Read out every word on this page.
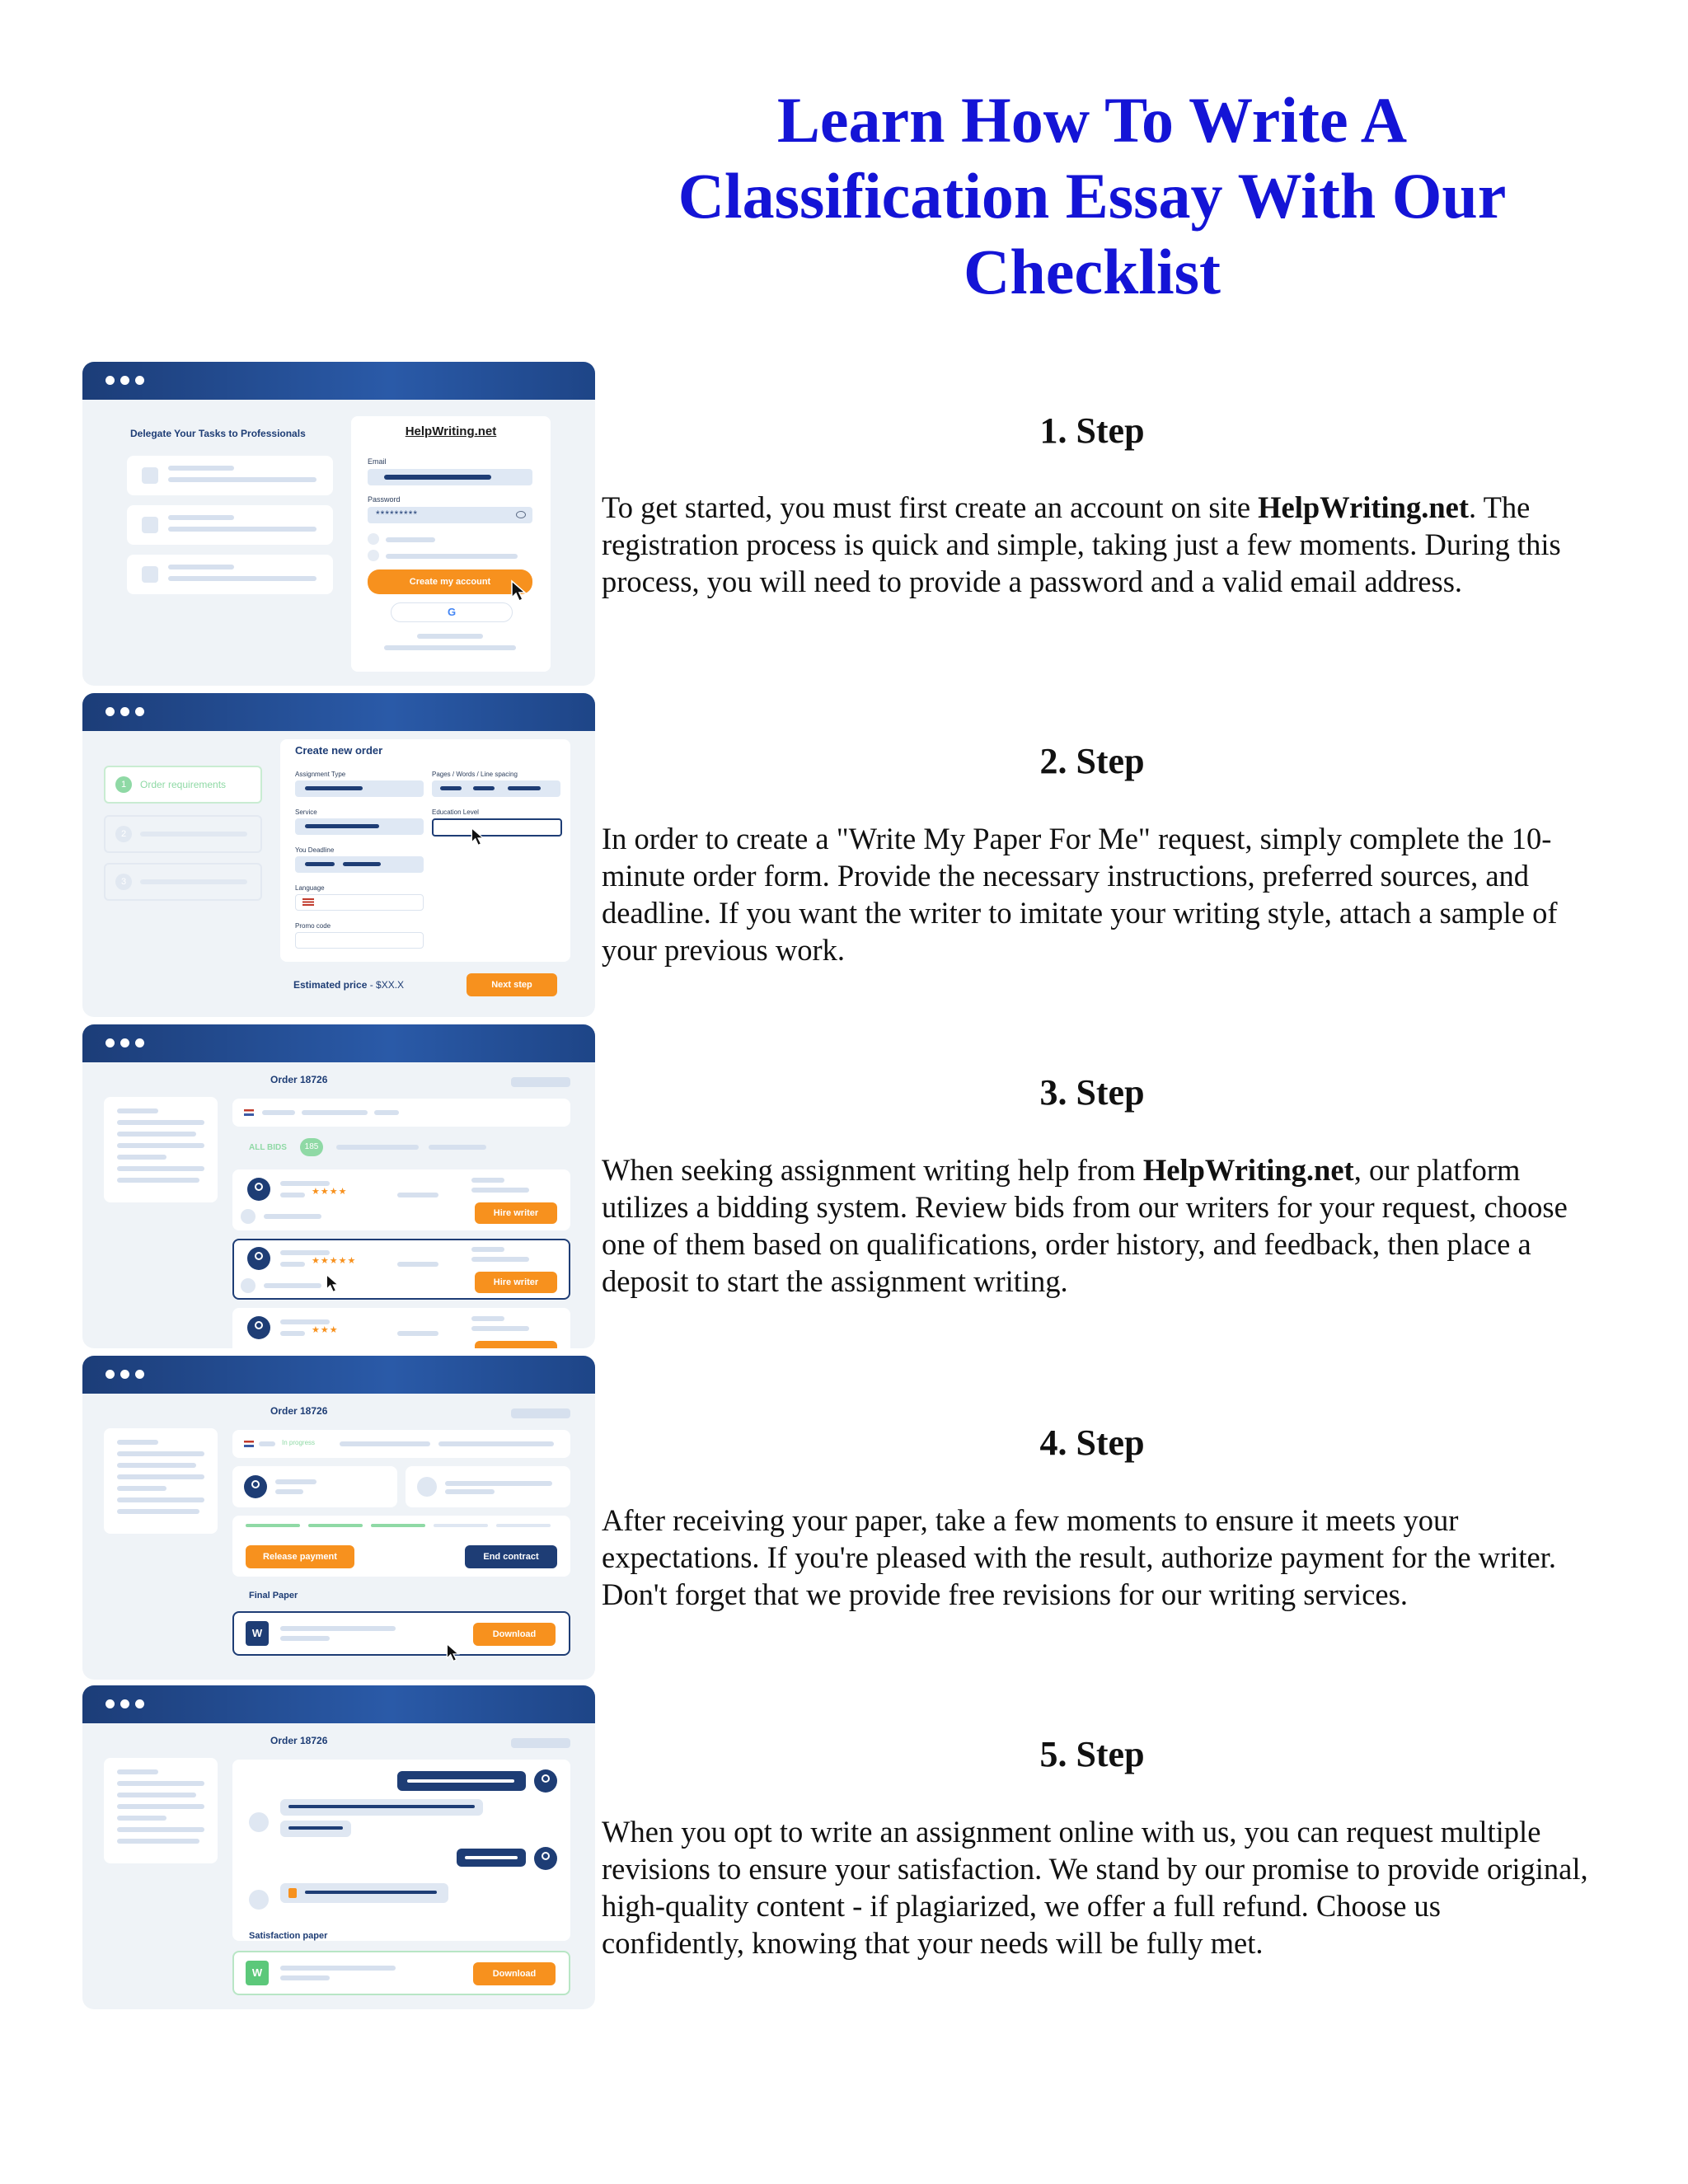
Learn How To Write A Classification Essay With Our Checklist
1. Step
To get started, you must first create an account on site HelpWriting.net. The registration process is quick and simple, taking just a few moments. During this process, you will need to provide a password and a valid email address.
2. Step
In order to create a "Write My Paper For Me" request, simply complete the 10-minute order form. Provide the necessary instructions, preferred sources, and deadline. If you want the writer to imitate your writing style, attach a sample of your previous work.
3. Step
When seeking assignment writing help from HelpWriting.net, our platform utilizes a bidding system. Review bids from our writers for your request, choose one of them based on qualifications, order history, and feedback, then place a deposit to start the assignment writing.
4. Step
After receiving your paper, take a few moments to ensure it meets your expectations. If you're pleased with the result, authorize payment for the writer. Don't forget that we provide free revisions for our writing services.
5. Step
When you opt to write an assignment online with us, you can request multiple revisions to ensure your satisfaction. We stand by our promise to provide original, high-quality content - if plagiarized, we offer a full refund. Choose us confidently, knowing that your needs will be fully met.
Delegate Your Tasks to Professionals	HelpWriting.net
Email
Password
*********
Create my account
G
1	Order requirements
2
3
Create new order
Assignment Type	Pages / Words / Line spacing
Service	Education Level
You Deadline
Language
Promo code
Estimated price - $XX.X	Next step
Order 18726
ALL BIDS	185
★★★★
Hire writer
★★★★★
Hire writer
★★★
Order 18726
In progress
Release payment	End contract
Final Paper
W	Download
Order 18726
Satisfaction paper
W	Download
